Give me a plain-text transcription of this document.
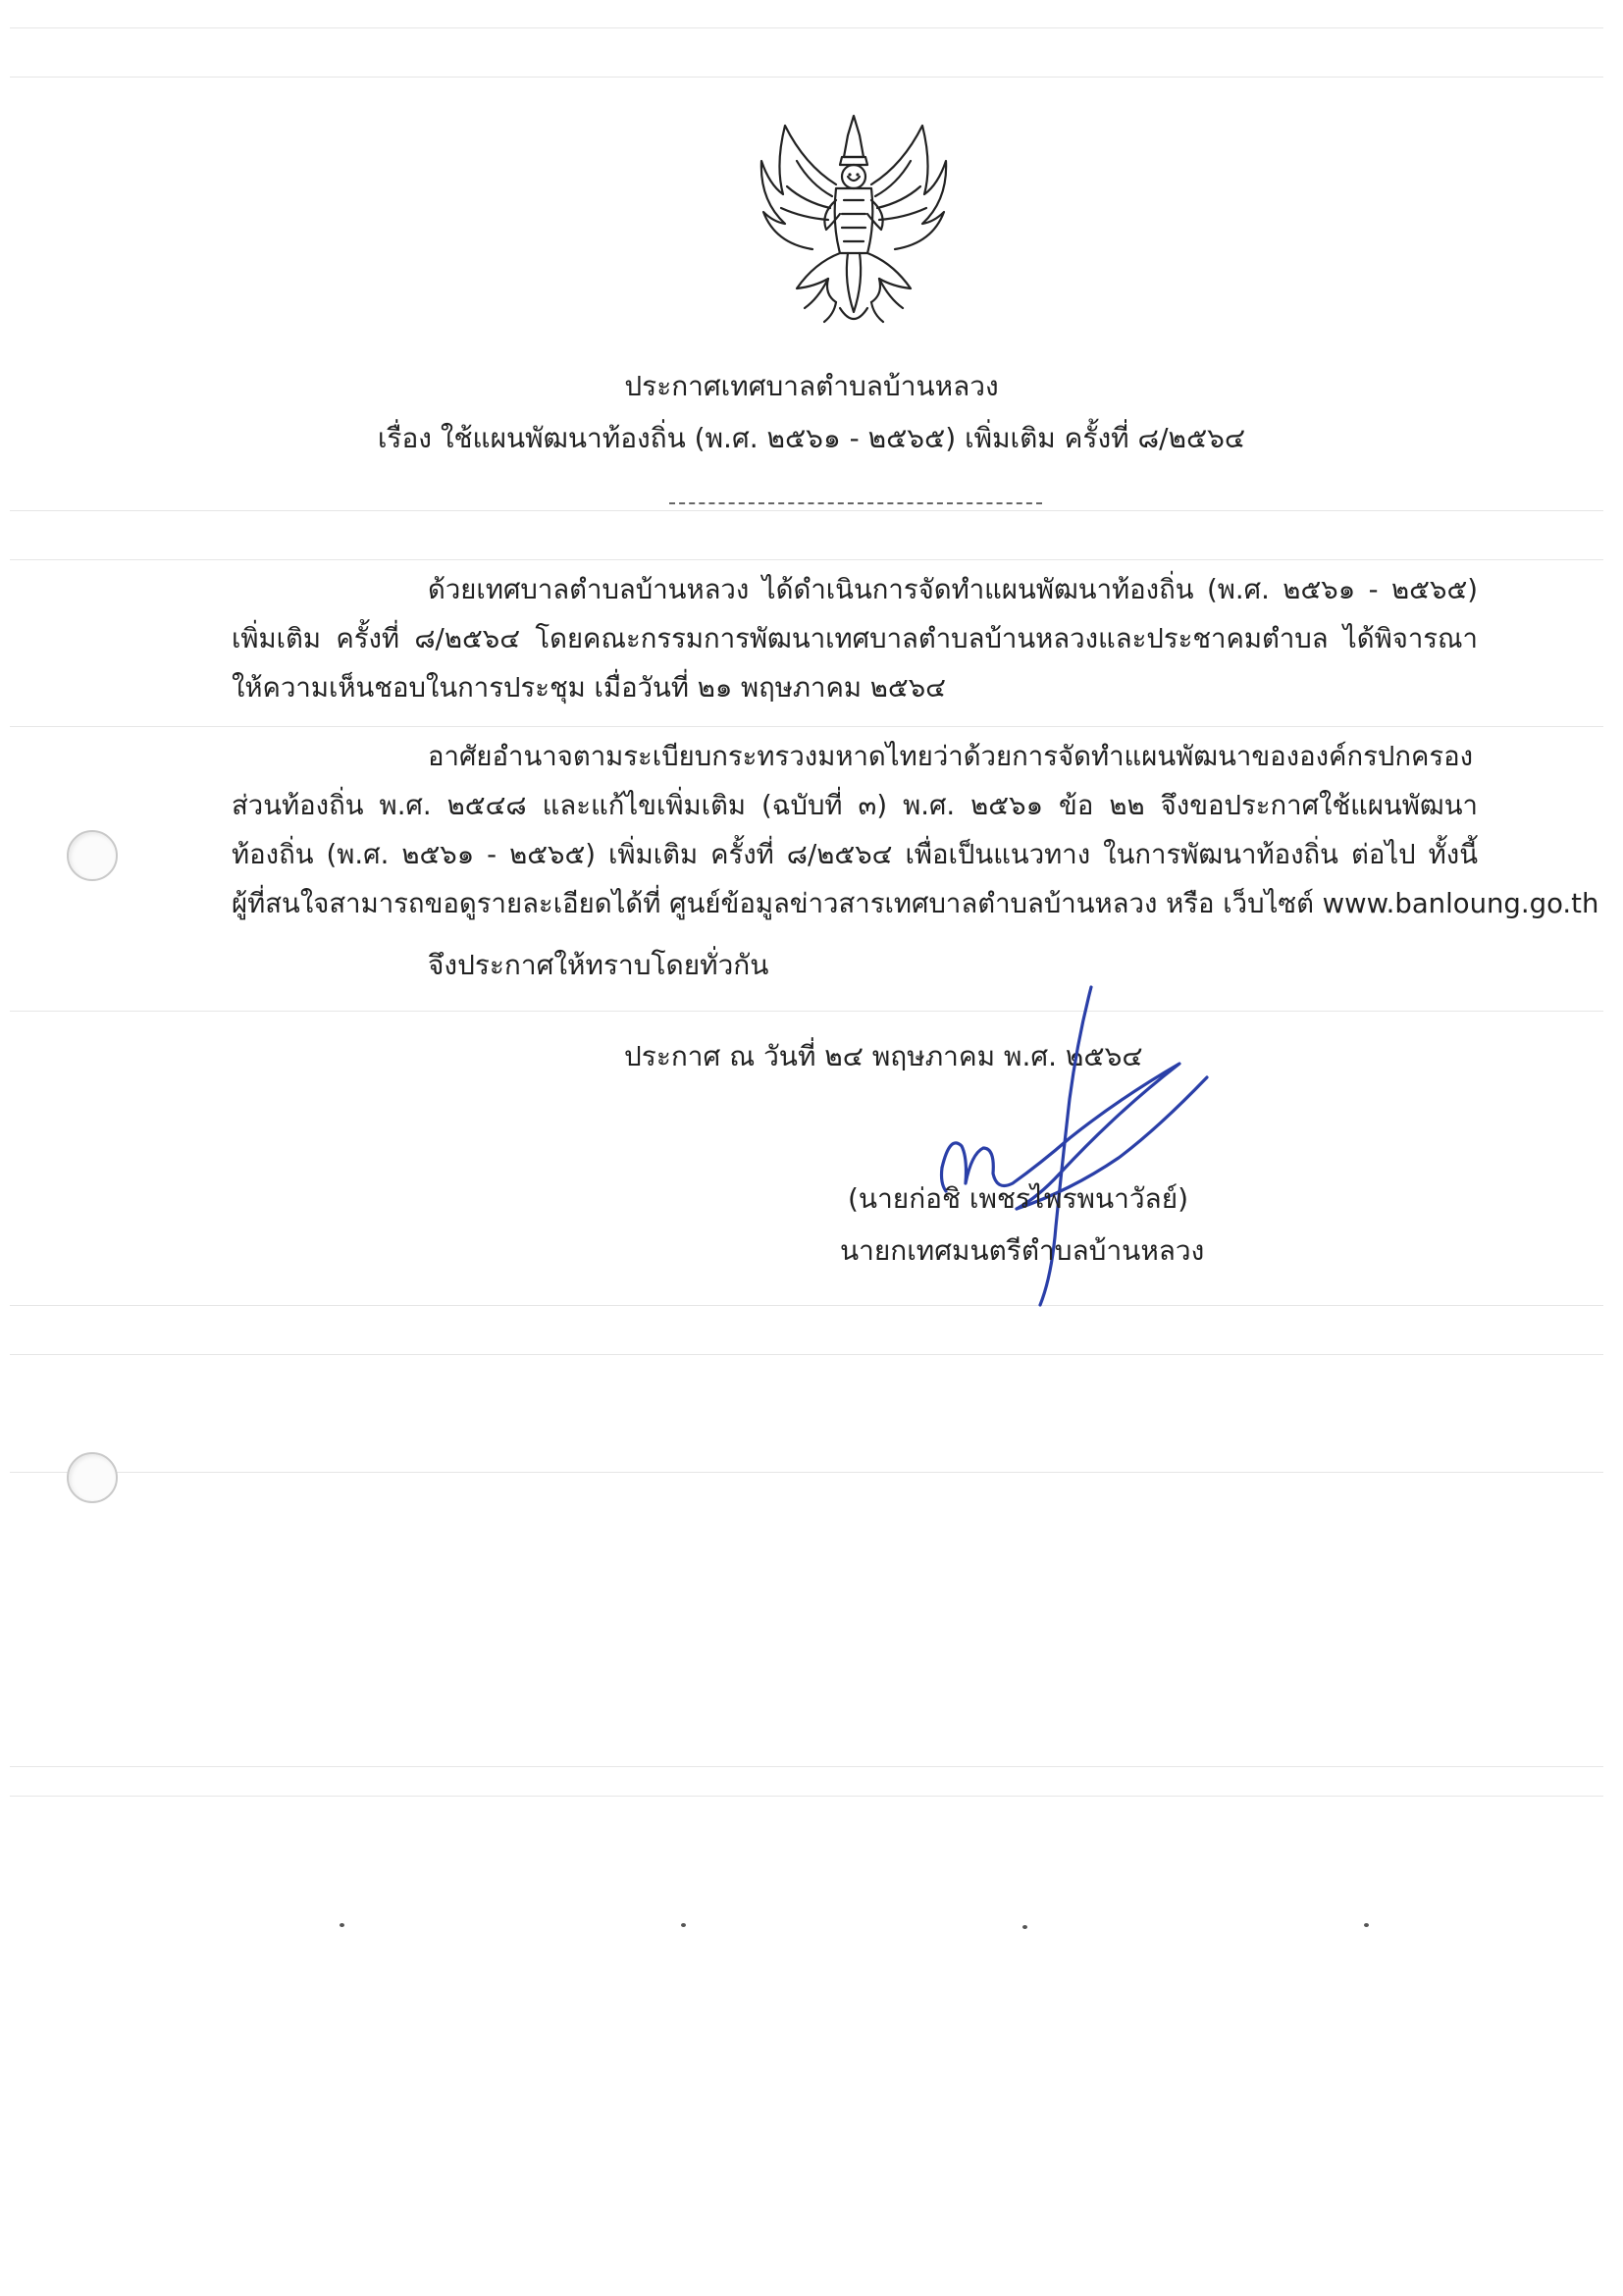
ประกาศเทศบาลตำบลบ้านหลวง
เรื่อง ใช้แผนพัฒนาท้องถิ่น (พ.ศ. ๒๕๖๑ - ๒๕๖๕) เพิ่มเติม ครั้งที่ ๘/๒๕๖๔
ด้วยเทศบาลตำบลบ้านหลวง ได้ดำเนินการจัดทำแผนพัฒนาท้องถิ่น (พ.ศ. ๒๕๖๑ - ๒๕๖๕)
เพิ่มเติม ครั้งที่ ๘/๒๕๖๔ โดยคณะกรรมการพัฒนาเทศบาลตำบลบ้านหลวงและประชาคมตำบล ได้พิจารณา
ให้ความเห็นชอบในการประชุม เมื่อวันที่ ๒๑ พฤษภาคม ๒๕๖๔
อาศัยอำนาจตามระเบียบกระทรวงมหาดไทยว่าด้วยการจัดทำแผนพัฒนาขององค์กรปกครอง
ส่วนท้องถิ่น พ.ศ. ๒๕๔๘ และแก้ไขเพิ่มเติม (ฉบับที่ ๓) พ.ศ. ๒๕๖๑ ข้อ ๒๒ จึงขอประกาศใช้แผนพัฒนา
ท้องถิ่น (พ.ศ. ๒๕๖๑ - ๒๕๖๕) เพิ่มเติม ครั้งที่ ๘/๒๕๖๔ เพื่อเป็นแนวทาง ในการพัฒนาท้องถิ่น ต่อไป ทั้งนี้
ผู้ที่สนใจสามารถขอดูรายละเอียดได้ที่ ศูนย์ข้อมูลข่าวสารเทศบาลตำบลบ้านหลวง หรือ เว็บไซต์ www.banloung.go.th
จึงประกาศให้ทราบโดยทั่วกัน
ประกาศ ณ วันที่ ๒๔ พฤษภาคม พ.ศ. ๒๕๖๔
(นายก่อชิ เพชรไพรพนาวัลย์)
นายกเทศมนตรีตำบลบ้านหลวง
